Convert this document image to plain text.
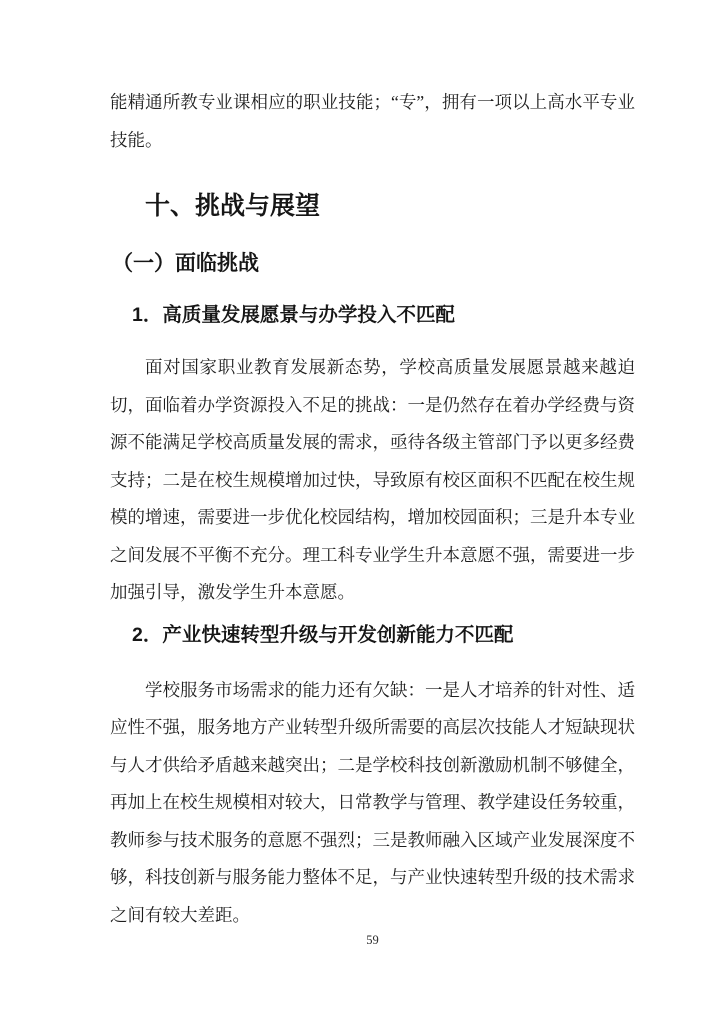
能精通所教专业课相应的职业技能；“专”，拥有一项以上高水平专业技能。

十、挑战与展望
（一）面临挑战
1．高质量发展愿景与办学投入不匹配

面对国家职业教育发展新态势，学校高质量发展愿景越来越迫切，面临着办学资源投入不足的挑战：一是仍然存在着办学经费与资源不能满足学校高质量发展的需求，亟待各级主管部门予以更多经费支持；二是在校生规模增加过快，导致原有校区面积不匹配在校生规模的增速，需要进一步优化校园结构，增加校园面积；三是升本专业之间发展不平衡不充分。理工科专业学生升本意愿不强，需要进一步加强引导，激发学生升本意愿。

2．产业快速转型升级与开发创新能力不匹配

学校服务市场需求的能力还有欠缺：一是人才培养的针对性、适应性不强，服务地方产业转型升级所需要的高层次技能人才短缺现状与人才供给矛盾越来越突出；二是学校科技创新激励机制不够健全，再加上在校生规模相对较大，日常教学与管理、教学建设任务较重，教师参与技术服务的意愿不强烈；三是教师融入区域产业发展深度不够，科技创新与服务能力整体不足，与产业快速转型升级的技术需求之间有较大差距。

59
